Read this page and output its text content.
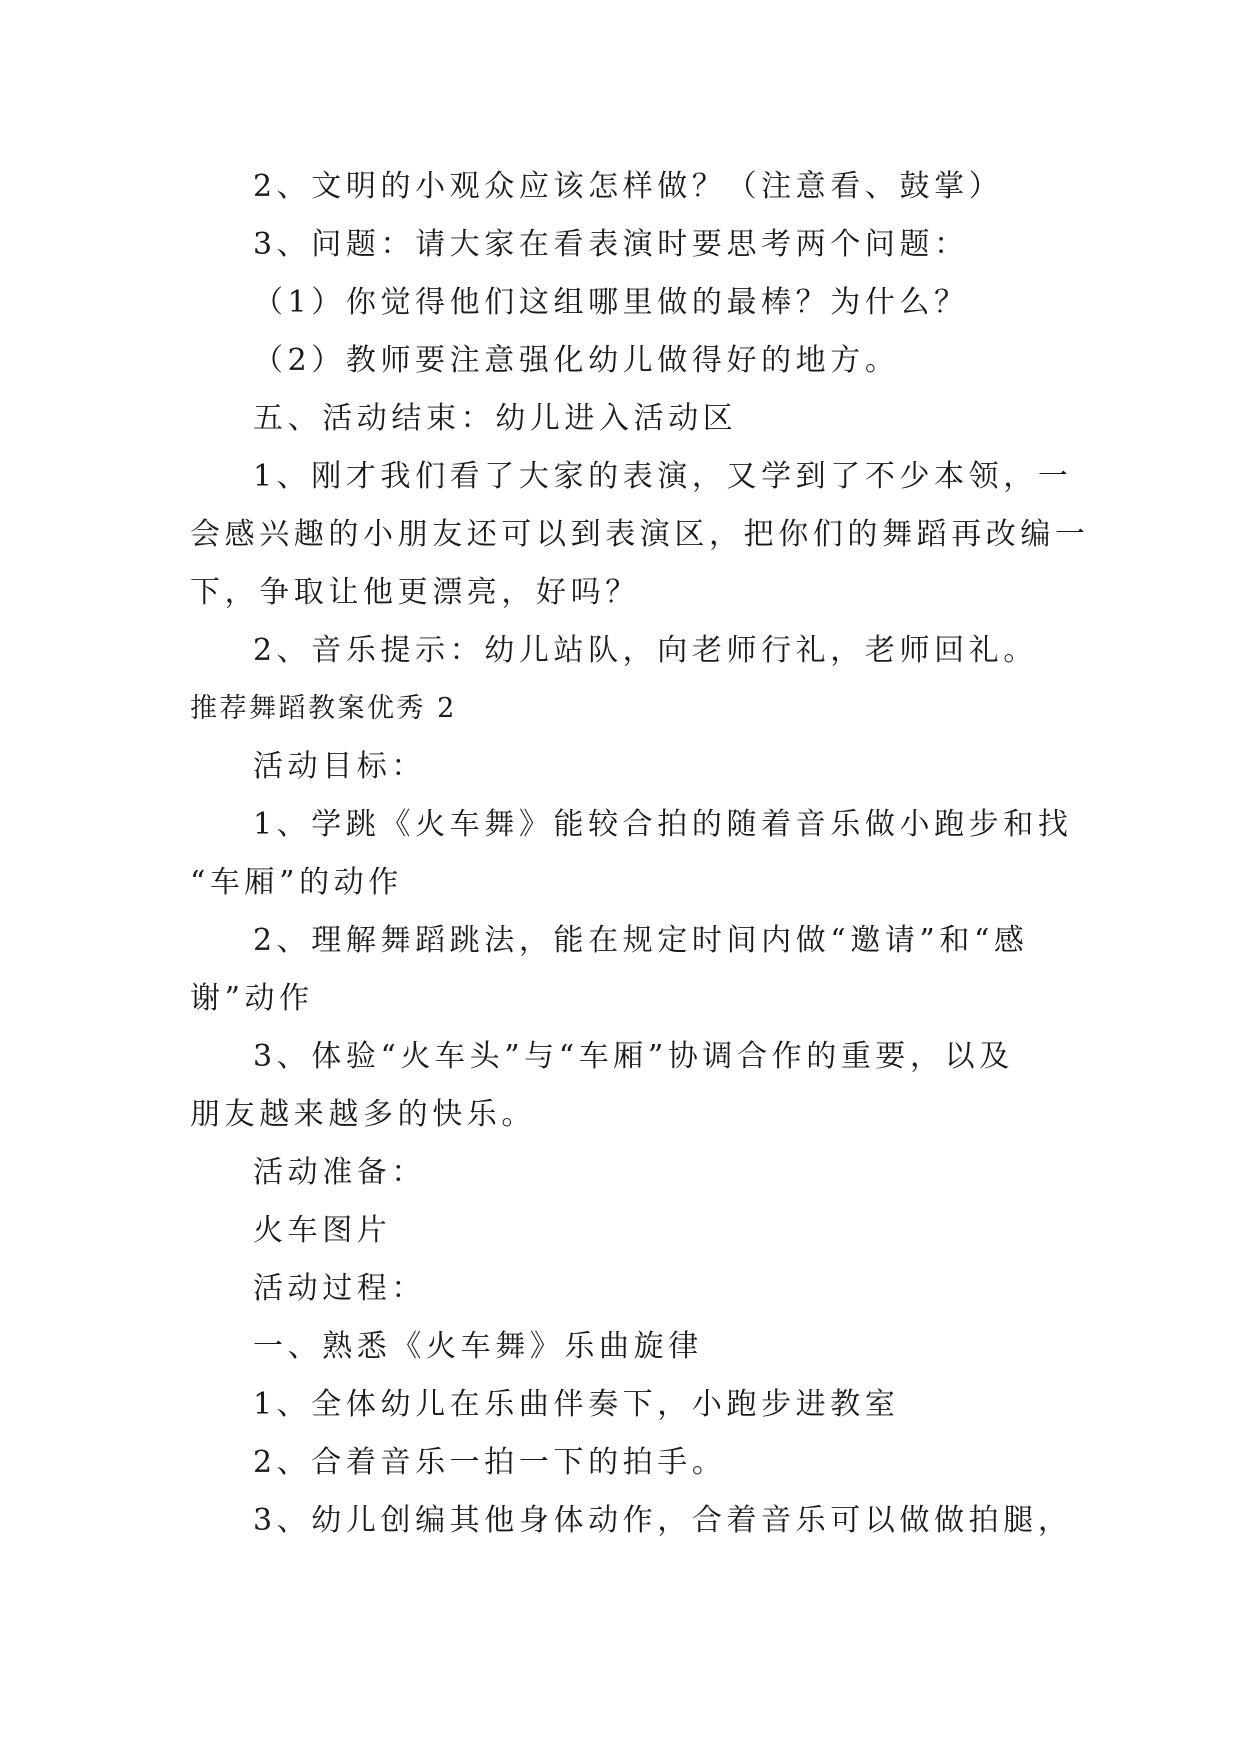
2、文明的小观众应该怎样做？（注意看、鼓掌）
3、问题：请大家在看表演时要思考两个问题：
（1）你觉得他们这组哪里做的最棒？为什么？
（2）教师要注意强化幼儿做得好的地方。
五、活动结束：幼儿进入活动区
1、刚才我们看了大家的表演，又学到了不少本领，一
会感兴趣的小朋友还可以到表演区，把你们的舞蹈再改编一
下，争取让他更漂亮，好吗？
2、音乐提示：幼儿站队，向老师行礼，老师回礼。
推荐舞蹈教案优秀 2
活动目标：
1、学跳《火车舞》能较合拍的随着音乐做小跑步和找
“车厢”的动作
2、理解舞蹈跳法，能在规定时间内做“邀请”和“感
谢”动作
3、体验“火车头”与“车厢”协调合作的重要，以及
朋友越来越多的快乐。
活动准备：
火车图片
活动过程：
一、熟悉《火车舞》乐曲旋律
1、全体幼儿在乐曲伴奏下，小跑步进教室
2、合着音乐一拍一下的拍手。
3、幼儿创编其他身体动作，合着音乐可以做做拍腿，
